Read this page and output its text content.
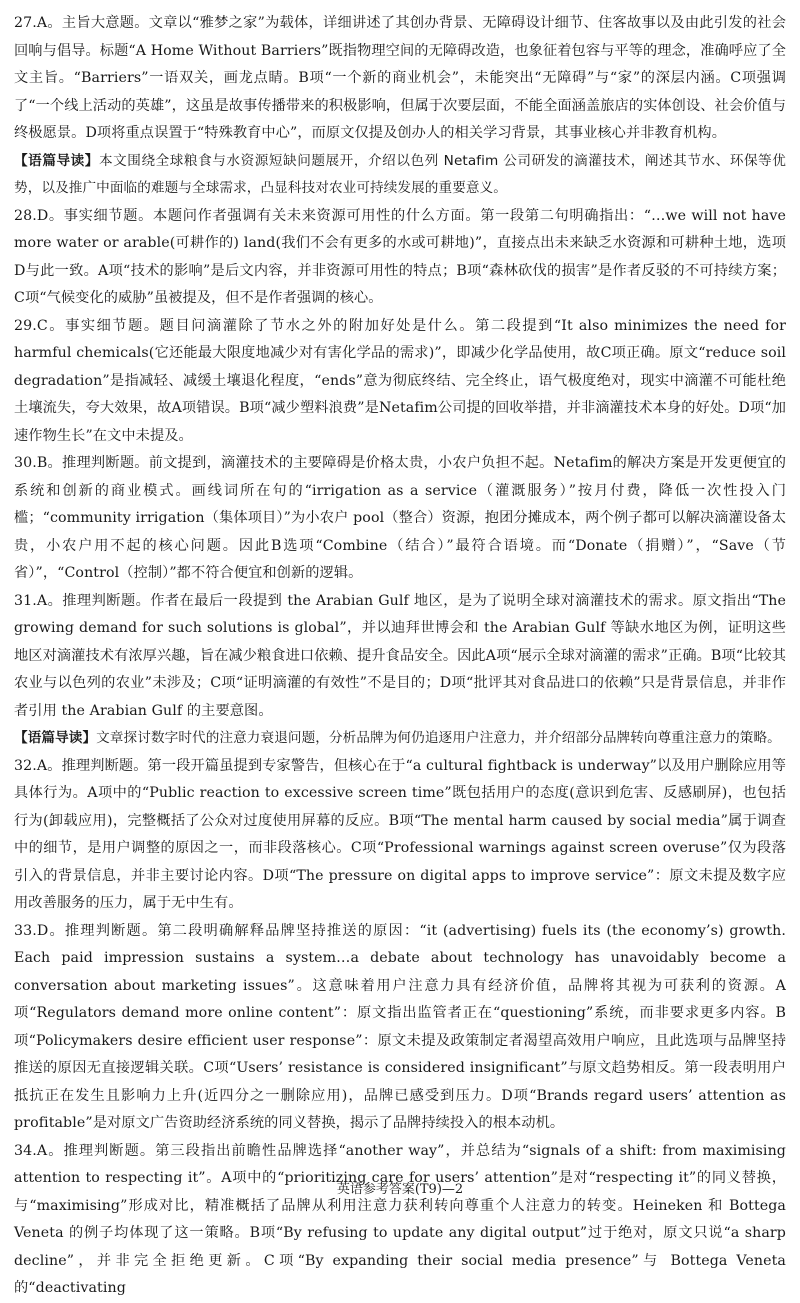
27.A。主旨大意题。文章以“雅梦之家”为载体，详细讲述了其创办背景、无障碍设计细节、住客故事以及由此引发的社会回响与倡导。标题“A Home Without Barriers”既指物理空间的无障碍改造，也象征着包容与平等的理念，准确呼应了全文主旨。“Barriers”一语双关，画龙点睛。B项“一个新的商业机会”，未能突出“无障碍”与“家”的深层内涵。C项强调了“一个线上活动的英雄”，这虽是故事传播带来的积极影响，但属于次要层面，不能全面涵盖旅店的实体创设、社会价值与终极愿景。D项将重点误置于“特殊教育中心”，而原文仅提及创办人的相关学习背景，其事业核心并非教育机构。

【语篇导读】本文围绕全球粮食与水资源短缺问题展开，介绍以色列 Netafim 公司研发的滴灌技术，阐述其节水、环保等优势，以及推广中面临的难题与全球需求，凸显科技对农业可持续发展的重要意义。

28.D。事实细节题。本题问作者强调有关未来资源可用性的什么方面。第一段第二句明确指出：“…we will not have more water or arable(可耕作的) land(我们不会有更多的水或可耕地)”，直接点出未来缺乏水资源和可耕种土地，选项D与此一致。A项“技术的影响”是后文内容，并非资源可用性的特点；B项“森林砍伐的损害”是作者反驳的不可持续方案；C项“气候变化的威胁”虽被提及，但不是作者强调的核心。

29.C。事实细节题。题目问滴灌除了节水之外的附加好处是什么。第二段提到“It also minimizes the need for harmful chemicals(它还能最大限度地减少对有害化学品的需求)”，即减少化学品使用，故C项正确。原文“reduce soil degradation”是指减轻、减缓土壤退化程度，“ends”意为彻底终结、完全终止，语气极度绝对，现实中滴灌不可能杜绝土壤流失，夸大效果，故A项错误。B项“减少塑料浪费”是Netafim公司提的回收举措，并非滴灌技术本身的好处。D项“加速作物生长”在文中未提及。

30.B。推理判断题。前文提到，滴灌技术的主要障碍是价格太贵，小农户负担不起。Netafim的解决方案是开发更便宜的系统和创新的商业模式。画线词所在句的“irrigation as a service（灌溉服务）”按月付费，降低一次性投入门槛；“community irrigation（集体项目）”为小农户 pool（整合）资源，抱团分摊成本，两个例子都可以解决滴灌设备太贵，小农户用不起的核心问题。因此B选项“Combine（结合）”最符合语境。而“Donate（捐赠）”，“Save（节省）”，“Control（控制）”都不符合便宜和创新的逻辑。

31.A。推理判断题。作者在最后一段提到 the Arabian Gulf 地区，是为了说明全球对滴灌技术的需求。原文指出“The growing demand for such solutions is global”，并以迪拜世博会和 the Arabian Gulf 等缺水地区为例，证明这些地区对滴灌技术有浓厚兴趣，旨在减少粮食进口依赖、提升食品安全。因此A项“展示全球对滴灌的需求”正确。B项“比较其农业与以色列的农业”未涉及；C项“证明滴灌的有效性”不是目的；D项“批评其对食品进口的依赖”只是背景信息，并非作者引用 the Arabian Gulf 的主要意图。

【语篇导读】文章探讨数字时代的注意力衰退问题，分析品牌为何仍追逐用户注意力，并介绍部分品牌转向尊重注意力的策略。

32.A。推理判断题。第一段开篇虽提到专家警告，但核心在于“a cultural fightback is underway”以及用户删除应用等具体行为。A项中的“Public reaction to excessive screen time”既包括用户的态度(意识到危害、反感刷屏)，也包括行为(卸载应用)，完整概括了公众对过度使用屏幕的反应。B项“The mental harm caused by social media”属于调查中的细节，是用户调整的原因之一，而非段落核心。C项“Professional warnings against screen overuse”仅为段落引入的背景信息，并非主要讨论内容。D项“The pressure on digital apps to improve service”：原文未提及数字应用改善服务的压力，属于无中生有。

33.D。推理判断题。第二段明确解释品牌坚持推送的原因：“it (advertising) fuels its (the economy’s) growth. Each paid impression sustains a system…a debate about technology has unavoidably become a conversation about marketing issues”。这意味着用户注意力具有经济价值，品牌将其视为可获利的资源。A项“Regulators demand more online content”：原文指出监管者正在“questioning”系统，而非要求更多内容。B项“Policymakers desire efficient user response”：原文未提及政策制定者渴望高效用户响应，且此选项与品牌坚持推送的原因无直接逻辑关联。C项“Users’ resistance is considered insignificant”与原文趋势相反。第一段表明用户抵抗正在发生且影响力上升(近四分之一删除应用)，品牌已感受到压力。D项“Brands regard users’ attention as profitable”是对原文广告资助经济系统的同义替换，揭示了品牌持续投入的根本动机。

34.A。推理判断题。第三段指出前瞻性品牌选择“another way”，并总结为“signals of a shift: from maximising attention to respecting it”。A项中的“prioritizing care for users’ attention”是对“respecting it”的同义替换，与“maximising”形成对比，精准概括了品牌从利用注意力获利转向尊重个人注意力的转变。Heineken 和 Bottega Veneta 的例子均体现了这一策略。B项“By refusing to update any digital output”过于绝对，原文只说“a sharp decline”，并非完全拒绝更新。C项“By expanding their social media presence”与 Bottega Veneta 的“deactivating

英语参考答案(T9)—2
